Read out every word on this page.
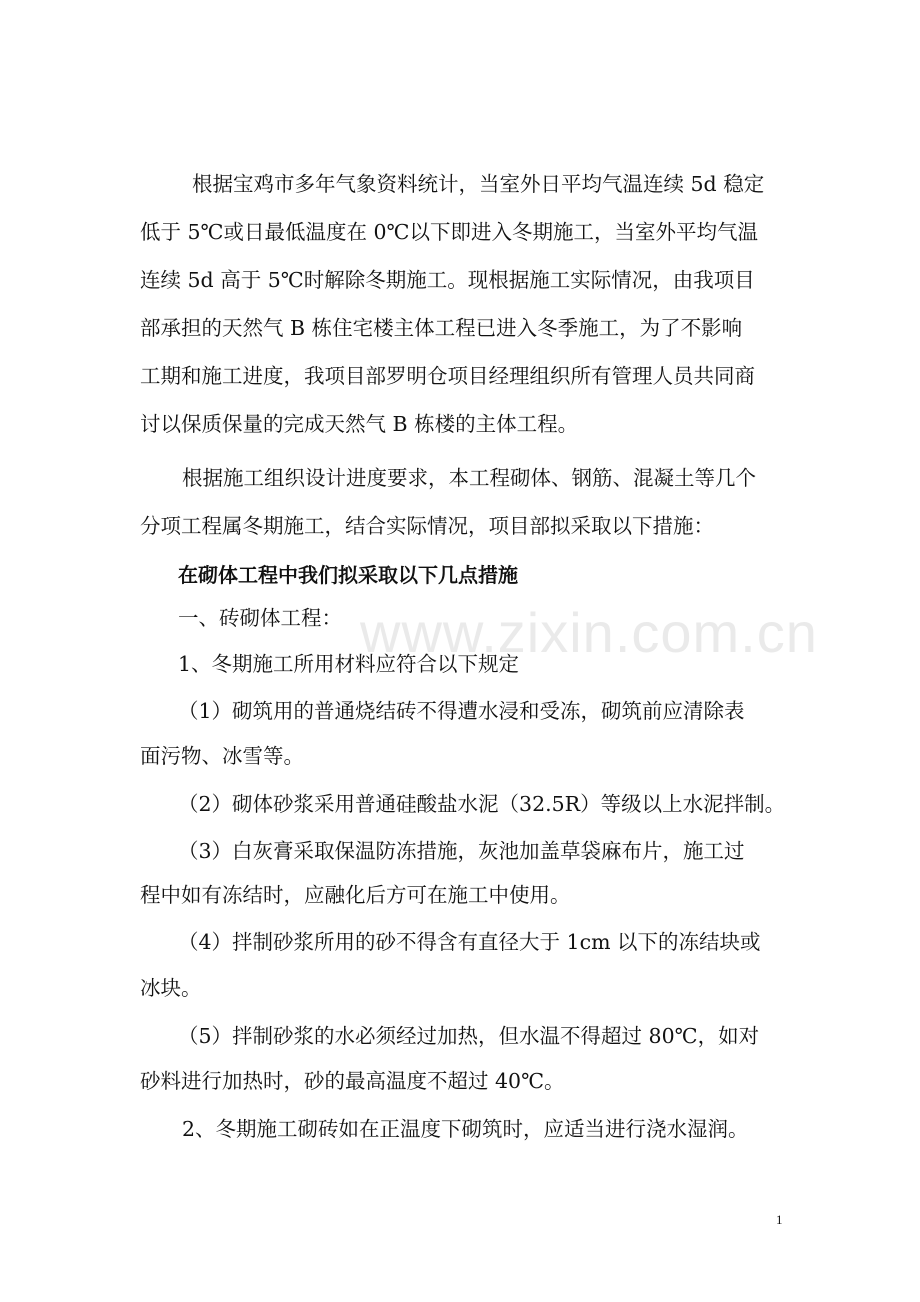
www.zixin.com.cn

根据宝鸡市多年气象资料统计，当室外日平均气温连续 5d 稳定

低于 5℃或日最低温度在 0℃以下即进入冬期施工，当室外平均气温

连续 5d 高于 5℃时解除冬期施工。现根据施工实际情况，由我项目

部承担的天然气 B 栋住宅楼主体工程已进入冬季施工，为了不影响

工期和施工进度，我项目部罗明仓项目经理组织所有管理人员共同商

讨以保质保量的完成天然气 B 栋楼的主体工程。

根据施工组织设计进度要求，本工程砌体、钢筋、混凝土等几个

分项工程属冬期施工，结合实际情况，项目部拟采取以下措施：

在砌体工程中我们拟采取以下几点措施

一、砖砌体工程：

1、冬期施工所用材料应符合以下规定

（1）砌筑用的普通烧结砖不得遭水浸和受冻，砌筑前应清除表

面污物、冰雪等。

（2）砌体砂浆采用普通硅酸盐水泥（32.5R）等级以上水泥拌制。

（3）白灰膏采取保温防冻措施，灰池加盖草袋麻布片，施工过

程中如有冻结时，应融化后方可在施工中使用。

（4）拌制砂浆所用的砂不得含有直径大于 1cm 以下的冻结块或

冰块。

（5）拌制砂浆的水必须经过加热，但水温不得超过 80℃，如对

砂料进行加热时，砂的最高温度不超过 40℃。

2、冬期施工砌砖如在正温度下砌筑时，应适当进行浇水湿润。

1
